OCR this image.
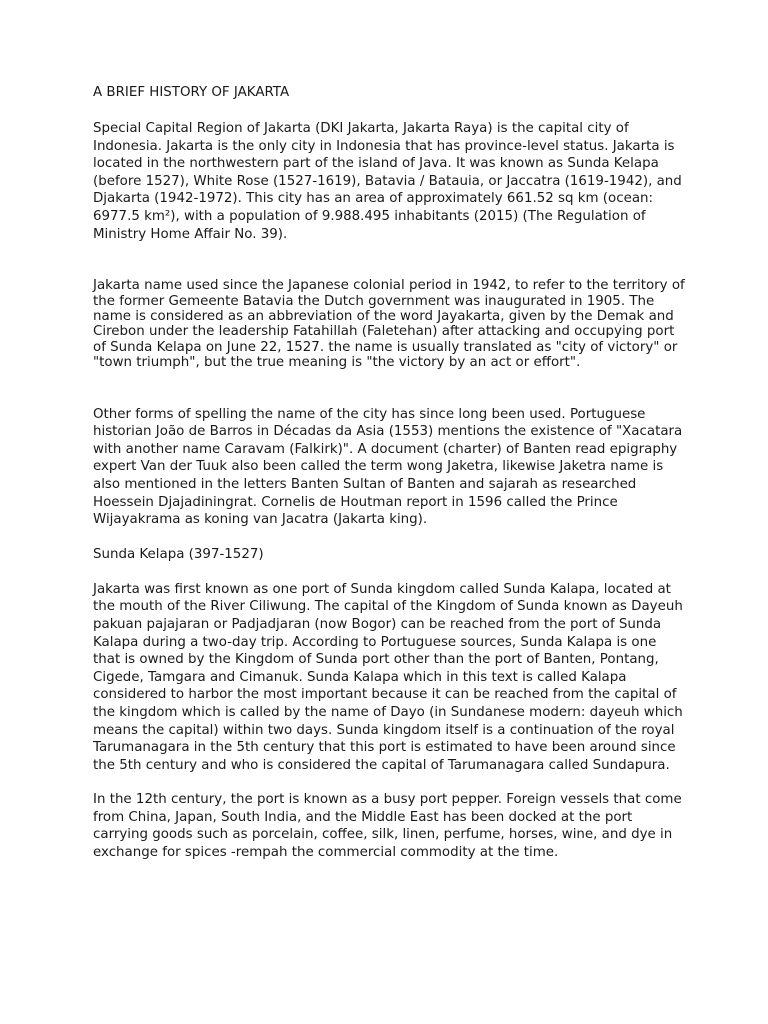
A BRIEF HISTORY OF JAKARTA

Special Capital Region of Jakarta (DKI Jakarta, Jakarta Raya) is the capital city of Indonesia. Jakarta is the only city in Indonesia that has province-level status. Jakarta is located in the northwestern part of the island of Java. It was known as Sunda Kelapa (before 1527), White Rose (1527-1619), Batavia / Batauia, or Jaccatra (1619-1942), and Djakarta (1942-1972). This city has an area of approximately 661.52 sq km (ocean: 6977.5 km²), with a population of 9.988.495 inhabitants (2015) (The Regulation of Ministry Home Affair No. 39).

Jakarta name used since the Japanese colonial period in 1942, to refer to the territory of the former Gemeente Batavia the Dutch government was inaugurated in 1905. The name is considered as an abbreviation of the word Jayakarta, given by the Demak and Cirebon under the leadership Fatahillah (Faletehan) after attacking and occupying port of Sunda Kelapa on June 22, 1527. the name is usually translated as "city of victory" or "town triumph", but the true meaning is "the victory by an act or effort".

Other forms of spelling the name of the city has since long been used. Portuguese historian João de Barros in Décadas da Asia (1553) mentions the existence of "Xacatara with another name Caravam (Falkirk)". A document (charter) of Banten read epigraphy expert Van der Tuuk also been called the term wong Jaketra, likewise Jaketra name is also mentioned in the letters Banten Sultan of Banten and sajarah as researched Hoessein Djajadiningrat. Cornelis de Houtman report in 1596 called the Prince Wijayakrama as koning van Jacatra (Jakarta king).

Sunda Kelapa (397-1527)

Jakarta was first known as one port of Sunda kingdom called Sunda Kalapa, located at the mouth of the River Ciliwung. The capital of the Kingdom of Sunda known as Dayeuh pakuan pajajaran or Padjadjaran (now Bogor) can be reached from the port of Sunda Kalapa during a two-day trip. According to Portuguese sources, Sunda Kalapa is one that is owned by the Kingdom of Sunda port other than the port of Banten, Pontang, Cigede, Tamgara and Cimanuk. Sunda Kalapa which in this text is called Kalapa considered to harbor the most important because it can be reached from the capital of the kingdom which is called by the name of Dayo (in Sundanese modern: dayeuh which means the capital) within two days. Sunda kingdom itself is a continuation of the royal Tarumanagara in the 5th century that this port is estimated to have been around since the 5th century and who is considered the capital of Tarumanagara called Sundapura.

In the 12th century, the port is known as a busy port pepper. Foreign vessels that come from China, Japan, South India, and the Middle East has been docked at the port carrying goods such as porcelain, coffee, silk, linen, perfume, horses, wine, and dye in exchange for spices -rempah the commercial commodity at the time.
